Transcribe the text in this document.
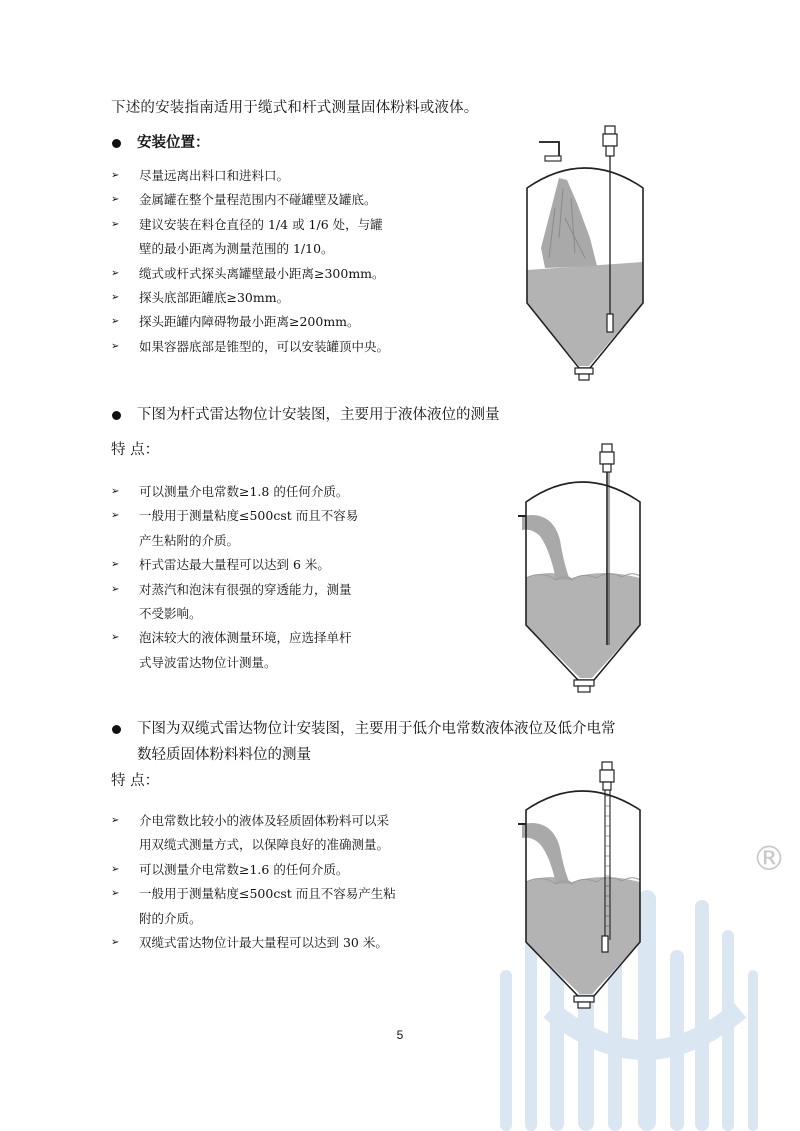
®
下述的安装指南适用于缆式和杆式测量固体粉料或液体。
安装位置：
➢ 尽量远离出料口和进料口。
➢ 金属罐在整个量程范围内不碰罐壁及罐底。
➢ 建议安装在料仓直径的 1/4 或 1/6 处，与罐
壁的最小距离为测量范围的 1/10。
➢ 缆式或杆式探头离罐壁最小距离≥300mm。
➢ 探头底部距罐底≥30mm。
➢ 探头距罐内障碍物最小距离≥200mm。
➢ 如果容器底部是锥型的，可以安装罐顶中央。
下图为杆式雷达物位计安装图，主要用于液体液位的测量
特 点：
➢ 可以测量介电常数≥1.8 的任何介质。
➢ 一般用于测量粘度≤500cst 而且不容易
产生粘附的介质。
➢ 杆式雷达最大量程可以达到 6 米。
➢ 对蒸汽和泡沫有很强的穿透能力，测量
不受影响。
➢ 泡沫较大的液体测量环境，应选择单杆
式导波雷达物位计测量。
下图为双缆式雷达物位计安装图，主要用于低介电常数液体液位及低介电常
数轻质固体粉料料位的测量
特 点：
➢ 介电常数比较小的液体及轻质固体粉料可以采
用双缆式测量方式，以保障良好的准确测量。
➢ 可以测量介电常数≥1.6 的任何介质。
➢ 一般用于测量粘度≤500cst 而且不容易产生粘
附的介质。
➢ 双缆式雷达物位计最大量程可以达到 30 米。
5
